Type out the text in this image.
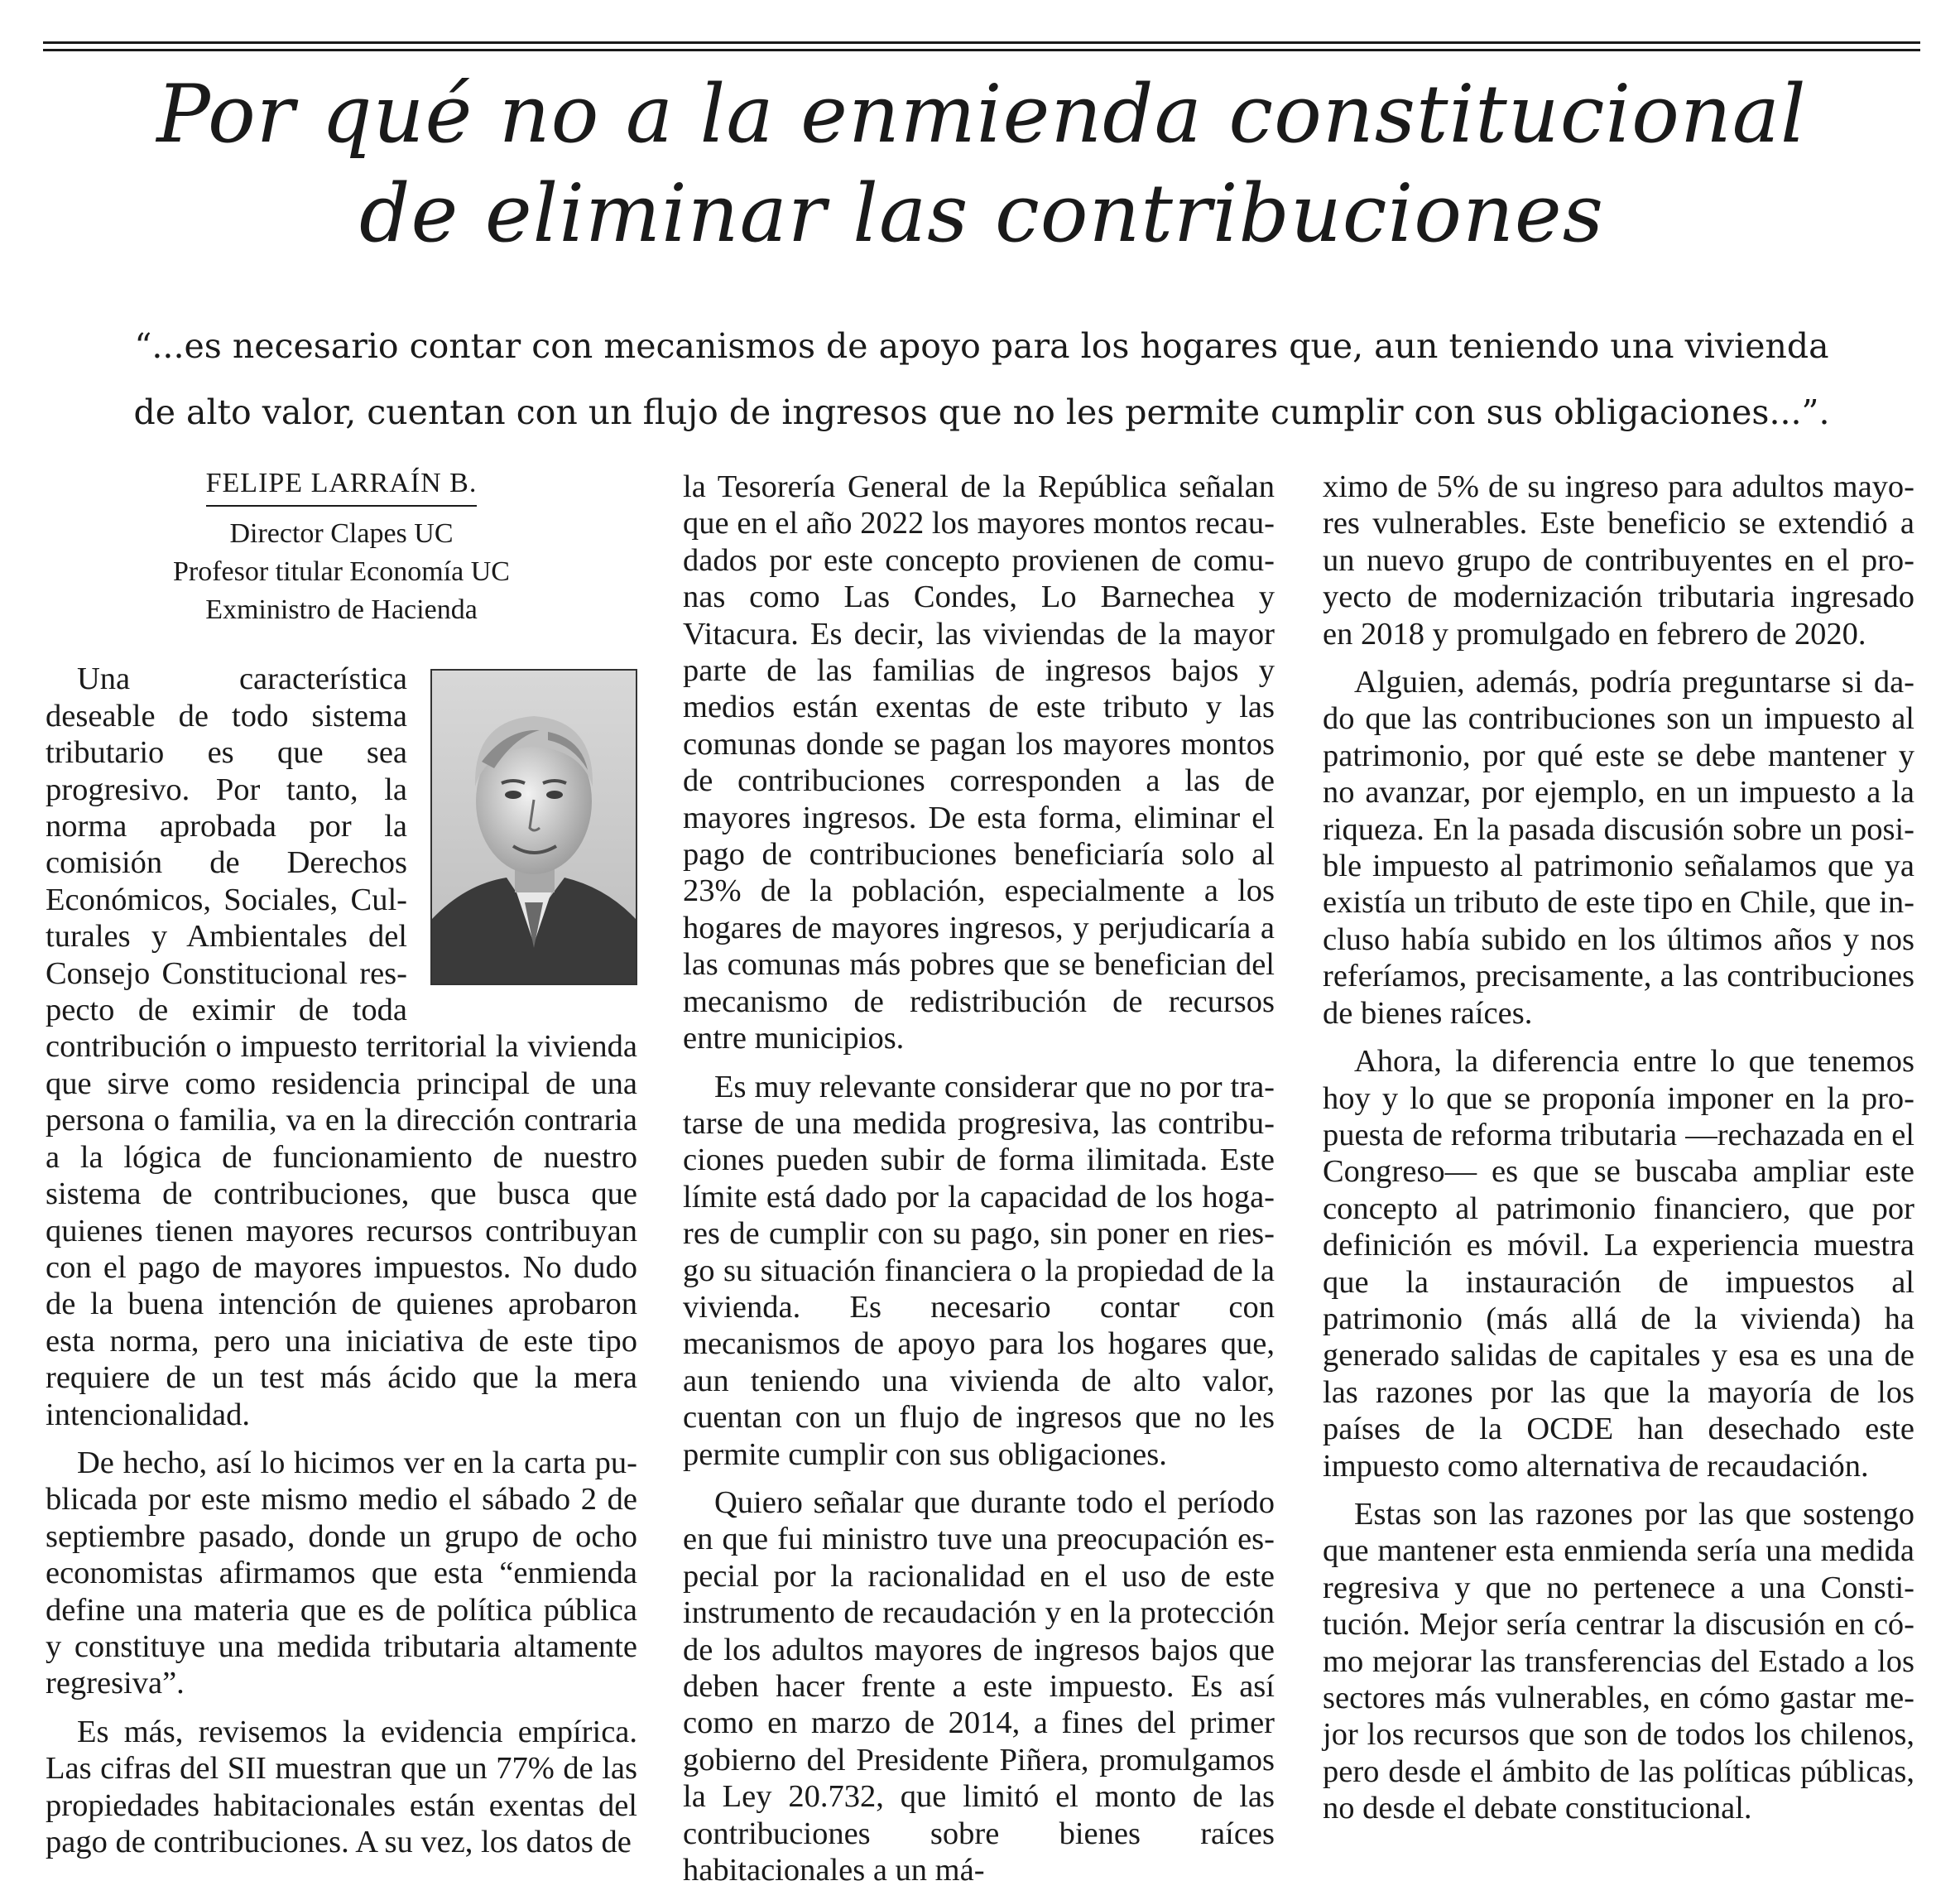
Por qué no a la enmienda constitucional
de eliminar las contribuciones
“...es necesario contar con mecanismos de apoyo para los hogares que, aun teniendo una vivienda
de alto valor, cuentan con un flujo de ingresos que no les permite cumplir con sus obligaciones...”.
FELIPE LARRAÍN B.
Director Clapes UC
Profesor titular Economía UC
Exministro de Hacienda

Una característica deseable de todo sistema tributario es que sea progresivo. Por tanto, la norma aprobada por la comisión de Derechos Económicos, Sociales, Culturales y Ambientales del Consejo Constitucional respecto de eximir de toda contribución o impuesto territorial la vivienda que sirve como residencia principal de una persona o familia, va en la dirección contraria a la lógica de funcionamiento de nuestro sistema de contribuciones, que busca que quienes tienen mayores recursos contribuyan con el pago de mayores impuestos. No dudo de la buena intención de quienes aprobaron esta norma, pero una iniciativa de este tipo requiere de un test más ácido que la mera intencionalidad.

De hecho, así lo hicimos ver en la carta publicada por este mismo medio el sábado 2 de septiembre pasado, donde un grupo de ocho economistas afirmamos que esta “enmienda define una materia que es de política pública y constituye una medida tributaria altamente regresiva”.

Es más, revisemos la evidencia empírica. Las cifras del SII muestran que un 77% de las propiedades habitacionales están exentas del pago de contribuciones. A su vez, los datos de

la Tesorería General de la República señalan que en el año 2022 los mayores montos recaudados por este concepto provienen de comunas como Las Condes, Lo Barnechea y Vitacura. Es decir, las viviendas de la mayor parte de las familias de ingresos bajos y medios están exentas de este tributo y las comunas donde se pagan los mayores montos de contribuciones corresponden a las de mayores ingresos. De esta forma, eliminar el pago de contribuciones beneficiaría solo al 23% de la población, especialmente a los hogares de mayores ingresos, y perjudicaría a las comunas más pobres que se benefician del mecanismo de redistribución de recursos entre municipios.

Es muy relevante considerar que no por tratarse de una medida progresiva, las contribuciones pueden subir de forma ilimitada. Este límite está dado por la capacidad de los hogares de cumplir con su pago, sin poner en riesgo su situación financiera o la propiedad de la vivienda. Es necesario contar con mecanismos de apoyo para los hogares que, aun teniendo una vivienda de alto valor, cuentan con un flujo de ingresos que no les permite cumplir con sus obligaciones.

Quiero señalar que durante todo el período en que fui ministro tuve una preocupación especial por la racionalidad en el uso de este instrumento de recaudación y en la protección de los adultos mayores de ingresos bajos que deben hacer frente a este impuesto. Es así como en marzo de 2014, a fines del primer gobierno del Presidente Piñera, promulgamos la Ley 20.732, que limitó el monto de las contribuciones sobre bienes raíces habitacionales a un má-

ximo de 5% de su ingreso para adultos mayores vulnerables. Este beneficio se extendió a un nuevo grupo de contribuyentes en el proyecto de modernización tributaria ingresado en 2018 y promulgado en febrero de 2020.

Alguien, además, podría preguntarse si dado que las contribuciones son un impuesto al patrimonio, por qué este se debe mantener y no avanzar, por ejemplo, en un impuesto a la riqueza. En la pasada discusión sobre un posible impuesto al patrimonio señalamos que ya existía un tributo de este tipo en Chile, que incluso había subido en los últimos años y nos referíamos, precisamente, a las contribuciones de bienes raíces.

Ahora, la diferencia entre lo que tenemos hoy y lo que se proponía imponer en la propuesta de reforma tributaria —rechazada en el Congreso— es que se buscaba ampliar este concepto al patrimonio financiero, que por definición es móvil. La experiencia muestra que la instauración de impuestos al patrimonio (más allá de la vivienda) ha generado salidas de capitales y esa es una de las razones por las que la mayoría de los países de la OCDE han desechado este impuesto como alternativa de recaudación.

Estas son las razones por las que sostengo que mantener esta enmienda sería una medida regresiva y que no pertenece a una Constitución. Mejor sería centrar la discusión en cómo mejorar las transferencias del Estado a los sectores más vulnerables, en cómo gastar mejor los recursos que son de todos los chilenos, pero desde el ámbito de las políticas públicas, no desde el debate constitucional.
